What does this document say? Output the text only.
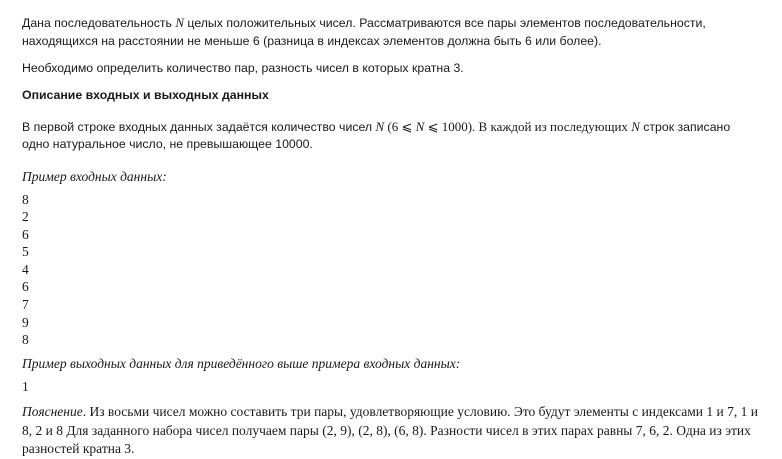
Дана последовательность N целых положительных чисел. Рассматриваются все пары элементов последовательности, находящихся на расстоянии не меньше 6 (разница в индексах элементов должна быть 6 или более).

Необходимо определить количество пар, разность чисел в которых кратна 3.

Описание входных и выходных данных

В первой строке входных данных задаётся количество чисел N (6 ⩽ N ⩽ 1000). В каждой из последующих N строк записано одно натуральное число, не превышающее 10000.

Пример входных данных:

8
2
6
5
4
6
7
9
8

Пример выходных данных для приведённого выше примера входных данных:

1

Пояснение. Из восьми чисел можно составить три пары, удовлетворяющие условию. Это будут элементы с индексами 1 и 7, 1 и 8, 2 и 8 Для заданного набора чисел получаем пары (2, 9), (2, 8), (6, 8). Разности чисел в этих парах равны 7, 6, 2. Одна из этих разностей кратна 3.
